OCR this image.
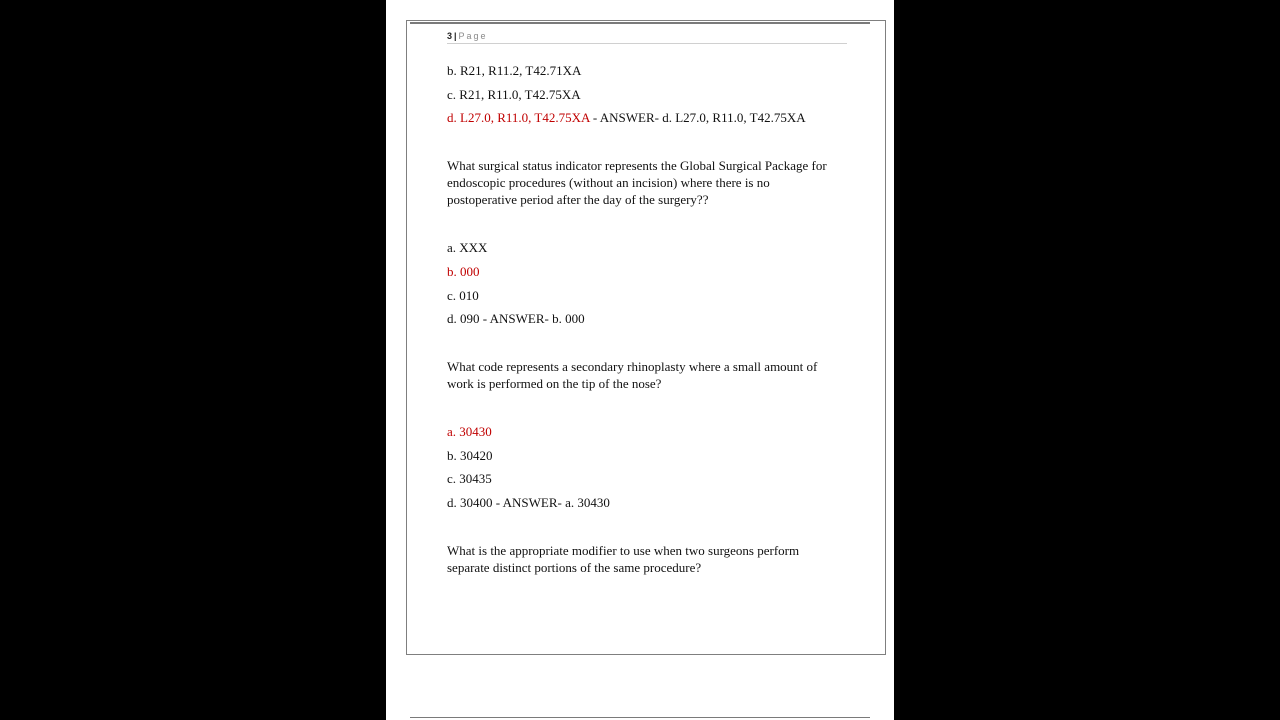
3 | Page
b. R21, R11.2, T42.71XA
c. R21, R11.0, T42.75XA
d. L27.0, R11.0, T42.75XA - ANSWER- d. L27.0, R11.0, T42.75XA
What surgical status indicator represents the Global Surgical Package for
endoscopic procedures (without an incision) where there is no
postoperative period after the day of the surgery??
a. XXX
b. 000
c. 010
d. 090 - ANSWER- b. 000
What code represents a secondary rhinoplasty where a small amount of
work is performed on the tip of the nose?
a. 30430
b. 30420
c. 30435
d. 30400 - ANSWER- a. 30430
What is the appropriate modifier to use when two surgeons perform
separate distinct portions of the same procedure?
